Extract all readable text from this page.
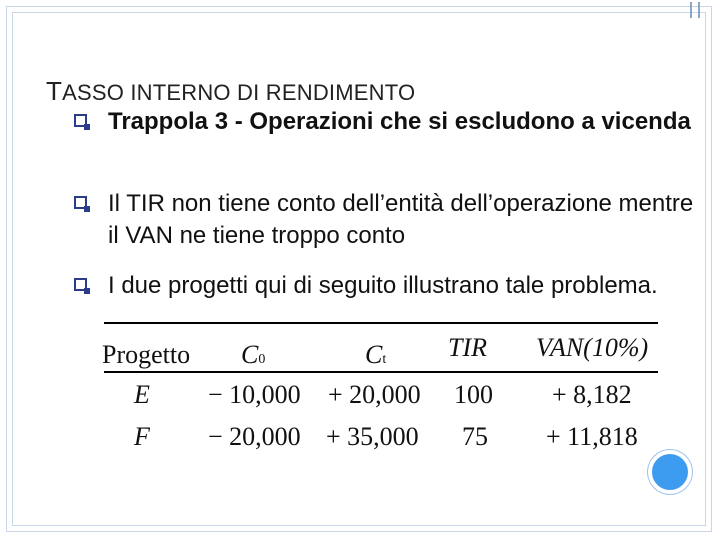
TASSO INTERNO DI RENDIMENTO
Trappola 3 - Operazioni che si escludono a vicenda
Il TIR non tiene conto dell’entità dell’operazione mentre il VAN ne tiene troppo conto
I due progetti qui di seguito illustrano tale problema.
Progetto C0	Ct TIR VAN(10%)
E − 10,000 + 20,000 100 + 8,182
F − 20,000 + 35,000 75 + 11,818
